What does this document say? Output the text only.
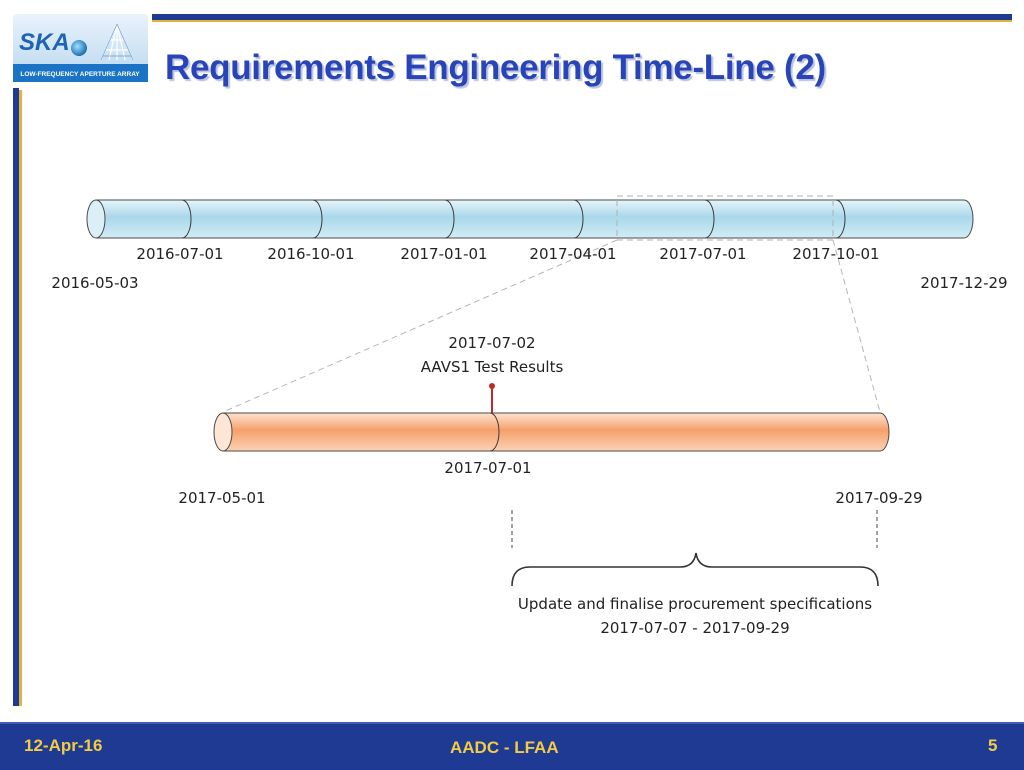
SKA
LOW-FREQUENCY APERTURE ARRAY Requirements Engineering Time-Line (2)
2016-07-01	2016-10-01	2017-01-01	2017-04-01	2017-07-01	2017-10-01
2016-05-03	2017-12-29
2017-07-02
AAVS1 Test Results
2017-07-01
2017-05-01	2017-09-29
Update and finalise procurement specifications
2017-07-07 - 2017-09-29
12-Apr-16	AADC - LFAA	5
